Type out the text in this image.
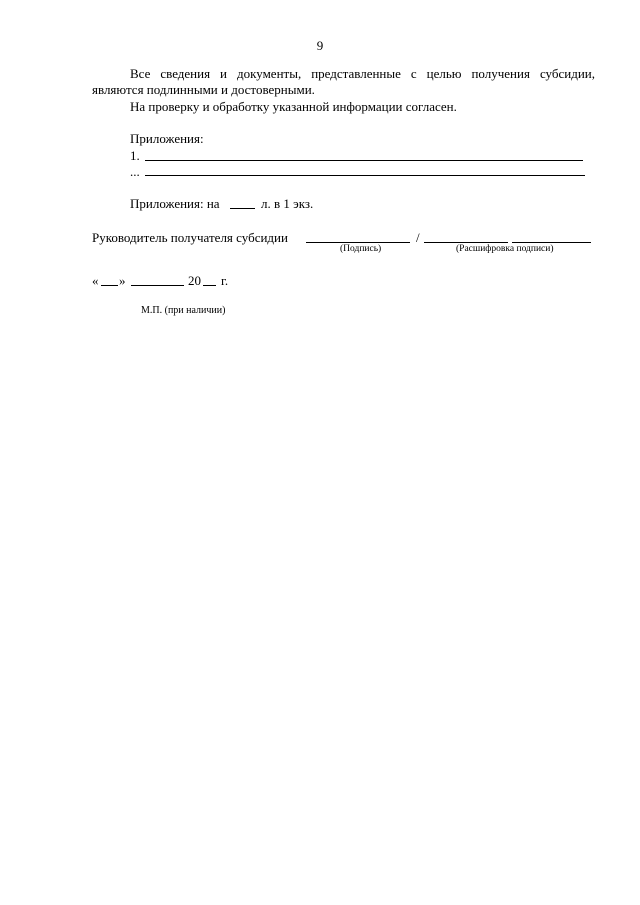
9
Все сведения и документы, представленные с целью получения субсидии,
являются подлинными и достоверными.
На проверку и обработку указанной информации согласен.
Приложения:
1.
...
Приложения: на	л. в 1 экз.
Руководитель получателя субсидии	/
(Подпись)	(Расшифровка подписи)
« »	20 г.
М.П. (при наличии)
